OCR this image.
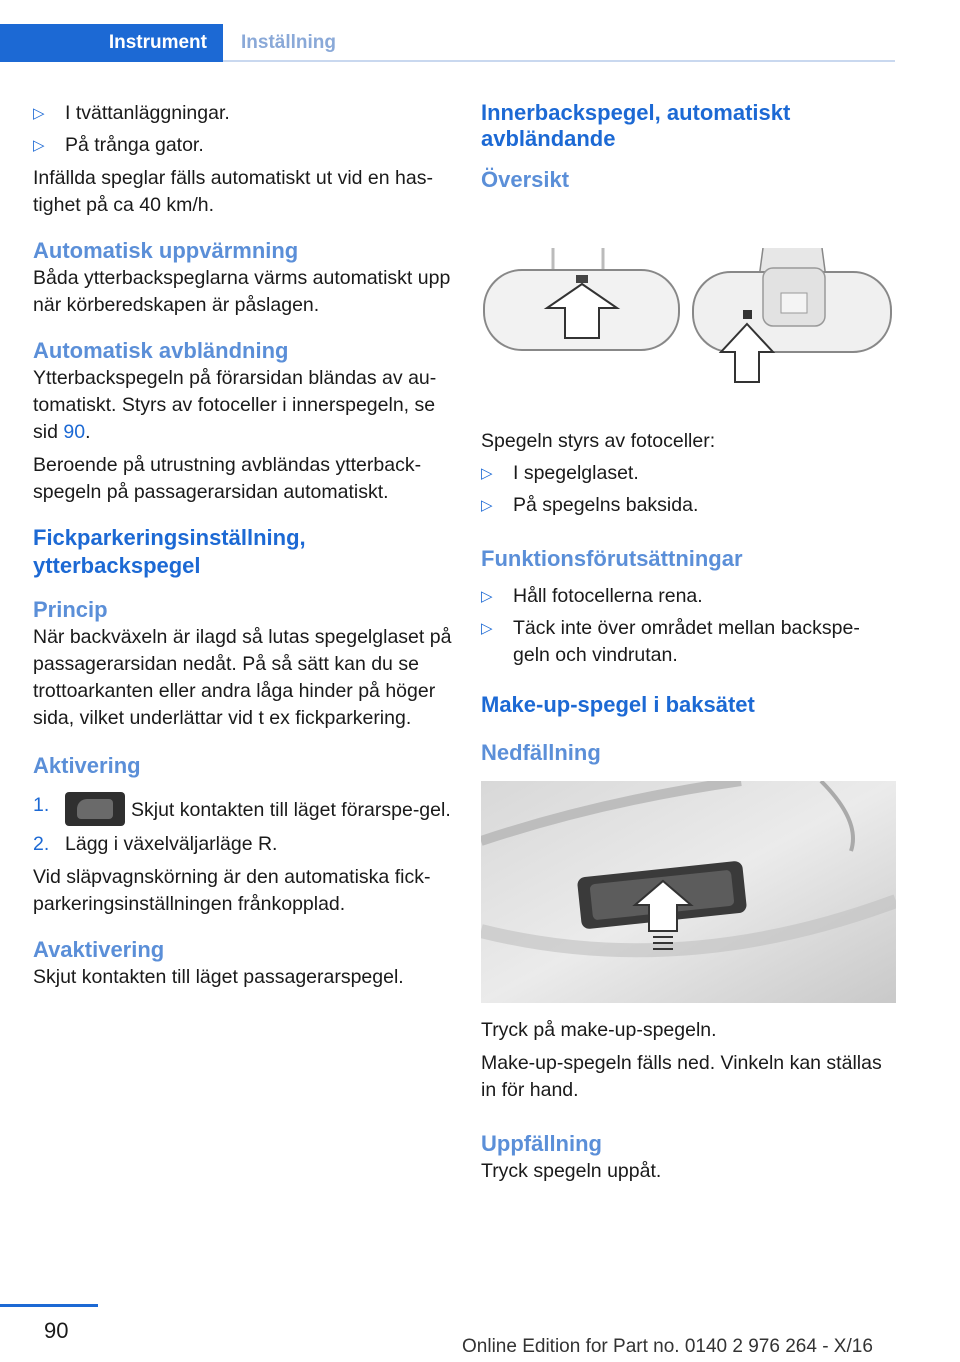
Instrument Inställning
▷	I tvättanläggningar.
▷	På trånga gator.

Infällda speglar fälls automatiskt ut vid en has-tighet på ca 40 km/h.

Automatisk uppvärmning

Båda ytterbackspeglarna värms automatiskt upp när körberedskapen är påslagen.

Automatisk avbländning

Ytterbackspegeln på förarsidan bländas av au-tomatiskt. Styrs av fotoceller i innerspegeln, se sid 90.

Beroende på utrustning avbländas ytterback-spegeln på passagerarsidan automatiskt.

Fickparkeringsinställning, ytterbackspegel
Princip

När backväxeln är ilagd så lutas spegelglaset på passagerarsidan nedåt. På så sätt kan du se trottoarkanten eller andra låga hinder på höger sida, vilket underlättar vid t ex fickparkering.

Aktivering
1.	Skjut kontakten till läget förarspe-gel.
2. Lägg i växelväljarläge R.

Vid släpvagnskörning är den automatiska fick-parkeringsinställningen frånkopplad.

Avaktivering

Skjut kontakten till läget passagerarspegel.

Innerbackspegel, automatiskt avbländande
Översikt

Spegeln styrs av fotoceller:

▷	I spegelglaset.
▷	På spegelns baksida.
Funktionsförutsättningar
▷	Håll fotocellerna rena.
▷	Täck inte över området mellan backspe-geln och vindrutan.
Make-up-spegel i baksätet
Nedfällning

Tryck på make-up-spegeln.

Make-up-spegeln fälls ned. Vinkeln kan ställas in för hand.

Uppfällning

Tryck spegeln uppåt.

90
Online Edition for Part no. 0140 2 976 264 - X/16
